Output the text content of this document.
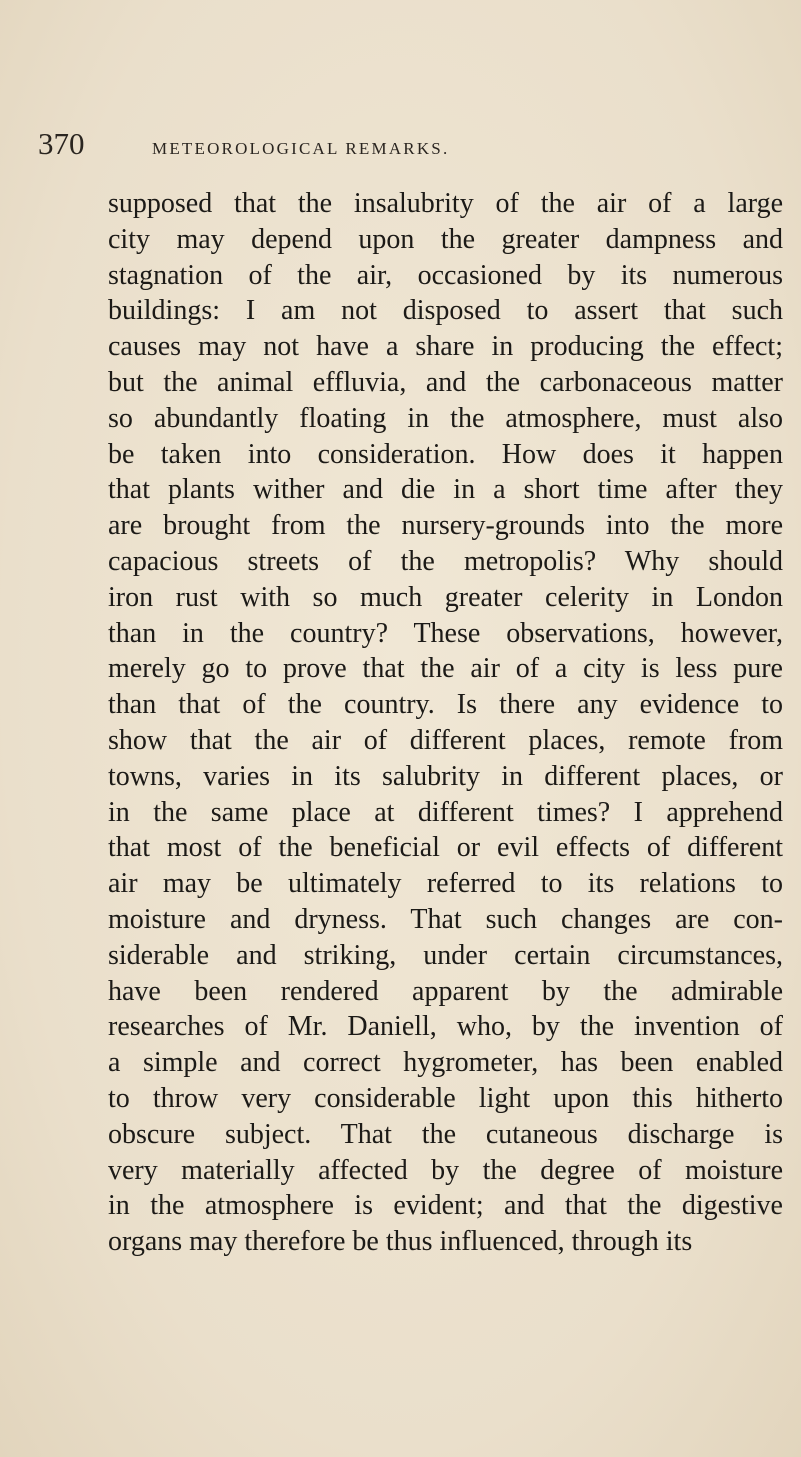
370	METEOROLOGICAL REMARKS.
supposed that the insalubrity of the air of a large
city may depend upon the greater dampness and
stagnation of the air, occasioned by its numerous
buildings: I am not disposed to assert that such
causes may not have a share in producing the effect;
but the animal effluvia, and the carbonaceous matter
so abundantly floating in the atmosphere, must also
be taken into consideration. How does it happen
that plants wither and die in a short time after they
are brought from the nursery-grounds into the more
capacious streets of the metropolis? Why should
iron rust with so much greater celerity in London
than in the country? These observations, however,
merely go to prove that the air of a city is less pure
than that of the country. Is there any evidence to
show that the air of different places, remote from
towns, varies in its salubrity in different places, or
in the same place at different times? I apprehend
that most of the beneficial or evil effects of different
air may be ultimately referred to its relations to
moisture and dryness. That such changes are con-
siderable and striking, under certain circumstances,
have been rendered apparent by the admirable
researches of Mr. Daniell, who, by the invention of
a simple and correct hygrometer, has been enabled
to throw very considerable light upon this hitherto
obscure subject. That the cutaneous discharge is
very materially affected by the degree of moisture
in the atmosphere is evident; and that the digestive
organs may therefore be thus influenced, through its
